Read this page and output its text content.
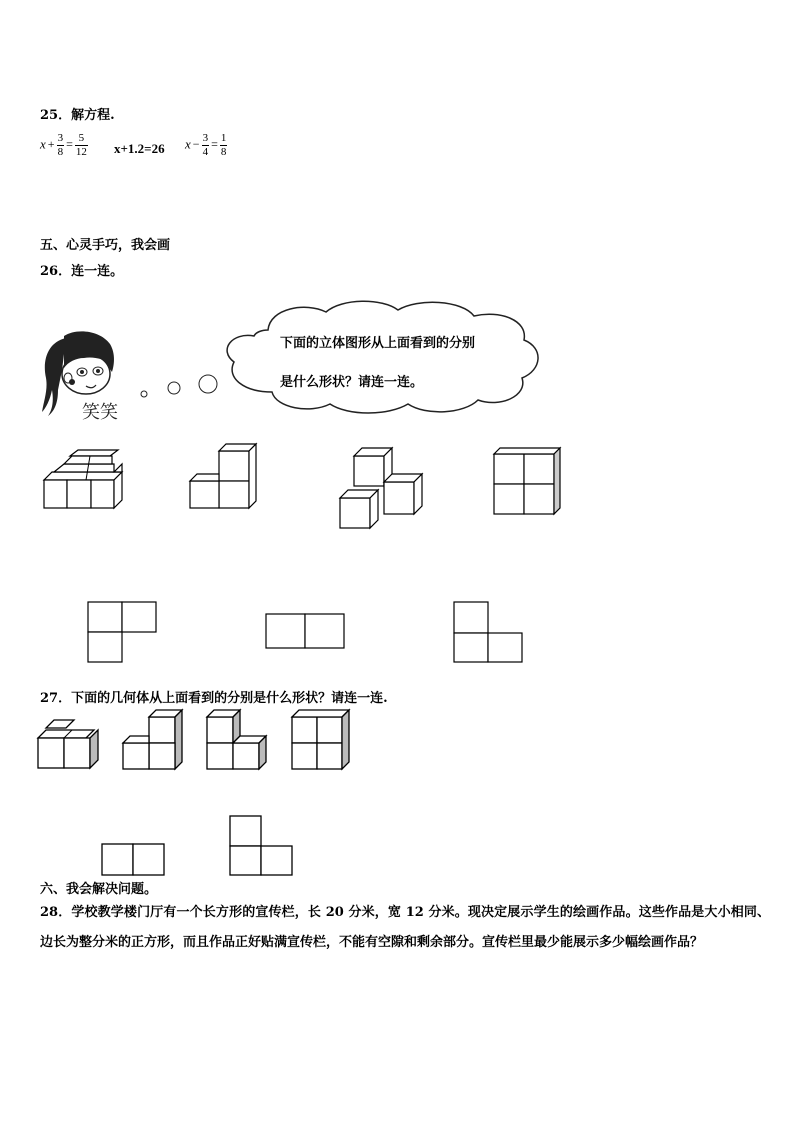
25．解方程.
$x + \frac{3}{8} = \frac{5}{12} x+1.2=26$ $x - \frac{3}{4} = \frac{1}{8}$
五、心灵手巧，我会画
26．连一连。
笑笑
下面的立体图形从上面看到的分别
是什么形状？请连一连。
27．下面的几何体从上面看到的分别是什么形状？请连一连.
六、我会解决问题。
28．学校教学楼门厅有一个长方形的宣传栏，长 20 分米，宽 12 分米。现决定展示学生的绘画作品。这些作品是大小相同、边长为整分米的正方形，而且作品正好贴满宣传栏，不能有空隙和剩余部分。宣传栏里最少能展示多少幅绘画作品？
